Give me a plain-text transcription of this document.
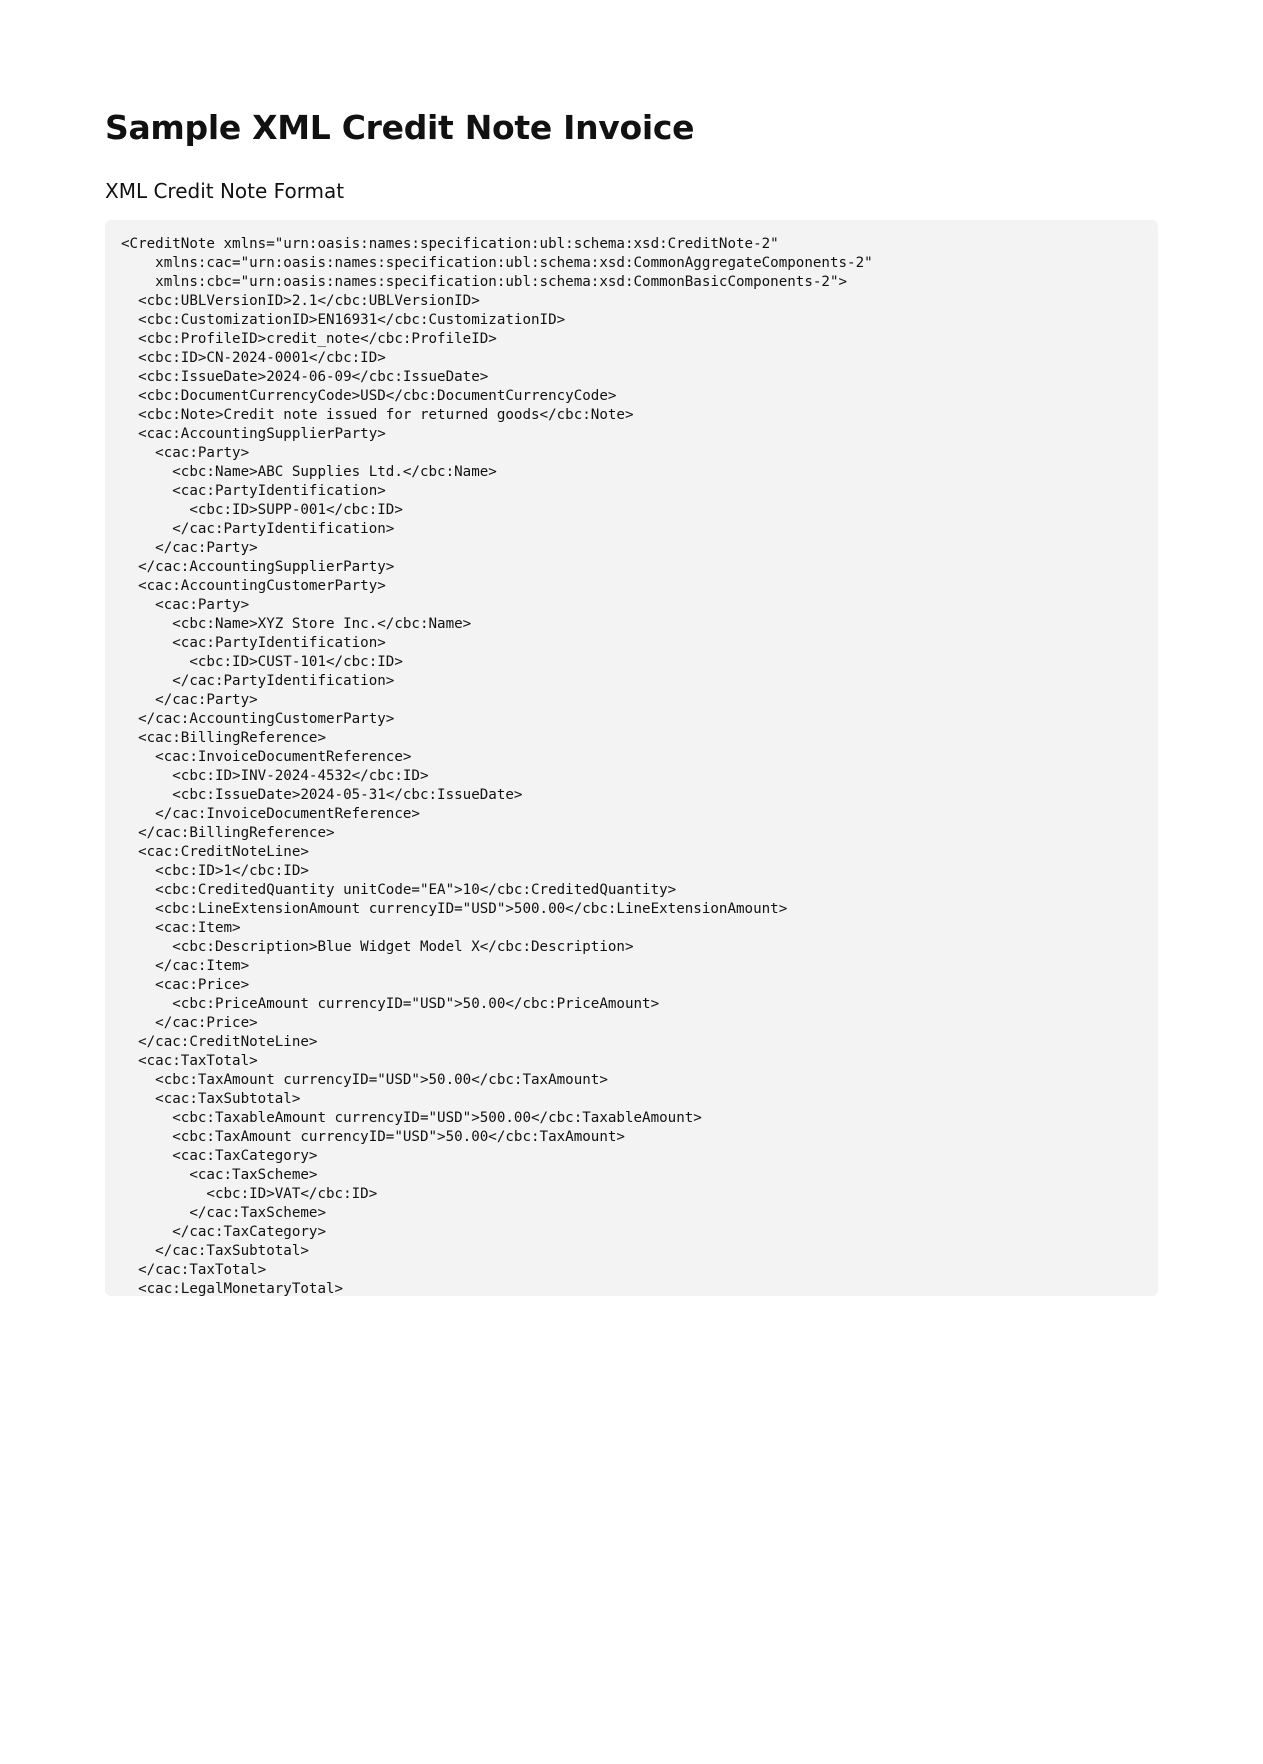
Sample XML Credit Note Invoice
XML Credit Note Format
<CreditNote xmlns="urn:oasis:names:specification:ubl:schema:xsd:CreditNote-2"
xmlns:cac="urn:oasis:names:specification:ubl:schema:xsd:CommonAggregateComponents-2"
xmlns:cbc="urn:oasis:names:specification:ubl:schema:xsd:CommonBasicComponents-2">
<cbc:UBLVersionID>2.1</cbc:UBLVersionID>
<cbc:CustomizationID>EN16931</cbc:CustomizationID>
<cbc:ProfileID>credit_note</cbc:ProfileID>
<cbc:ID>CN-2024-0001</cbc:ID>
<cbc:IssueDate>2024-06-09</cbc:IssueDate>
<cbc:DocumentCurrencyCode>USD</cbc:DocumentCurrencyCode>
<cbc:Note>Credit note issued for returned goods</cbc:Note>
<cac:AccountingSupplierParty>
<cac:Party>
<cbc:Name>ABC Supplies Ltd.</cbc:Name>
<cac:PartyIdentification>
<cbc:ID>SUPP-001</cbc:ID>
</cac:PartyIdentification>
</cac:Party>
</cac:AccountingSupplierParty>
<cac:AccountingCustomerParty>
<cac:Party>
<cbc:Name>XYZ Store Inc.</cbc:Name>
<cac:PartyIdentification>
<cbc:ID>CUST-101</cbc:ID>
</cac:PartyIdentification>
</cac:Party>
</cac:AccountingCustomerParty>
<cac:BillingReference>
<cac:InvoiceDocumentReference>
<cbc:ID>INV-2024-4532</cbc:ID>
<cbc:IssueDate>2024-05-31</cbc:IssueDate>
</cac:InvoiceDocumentReference>
</cac:BillingReference>
<cac:CreditNoteLine>
<cbc:ID>1</cbc:ID>
<cbc:CreditedQuantity unitCode="EA">10</cbc:CreditedQuantity>
<cbc:LineExtensionAmount currencyID="USD">500.00</cbc:LineExtensionAmount>
<cac:Item>
<cbc:Description>Blue Widget Model X</cbc:Description>
</cac:Item>
<cac:Price>
<cbc:PriceAmount currencyID="USD">50.00</cbc:PriceAmount>
</cac:Price>
</cac:CreditNoteLine>
<cac:TaxTotal>
<cbc:TaxAmount currencyID="USD">50.00</cbc:TaxAmount>
<cac:TaxSubtotal>
<cbc:TaxableAmount currencyID="USD">500.00</cbc:TaxableAmount>
<cbc:TaxAmount currencyID="USD">50.00</cbc:TaxAmount>
<cac:TaxCategory>
<cac:TaxScheme>
<cbc:ID>VAT</cbc:ID>
</cac:TaxScheme>
</cac:TaxCategory>
</cac:TaxSubtotal>
</cac:TaxTotal>
<cac:LegalMonetaryTotal>
